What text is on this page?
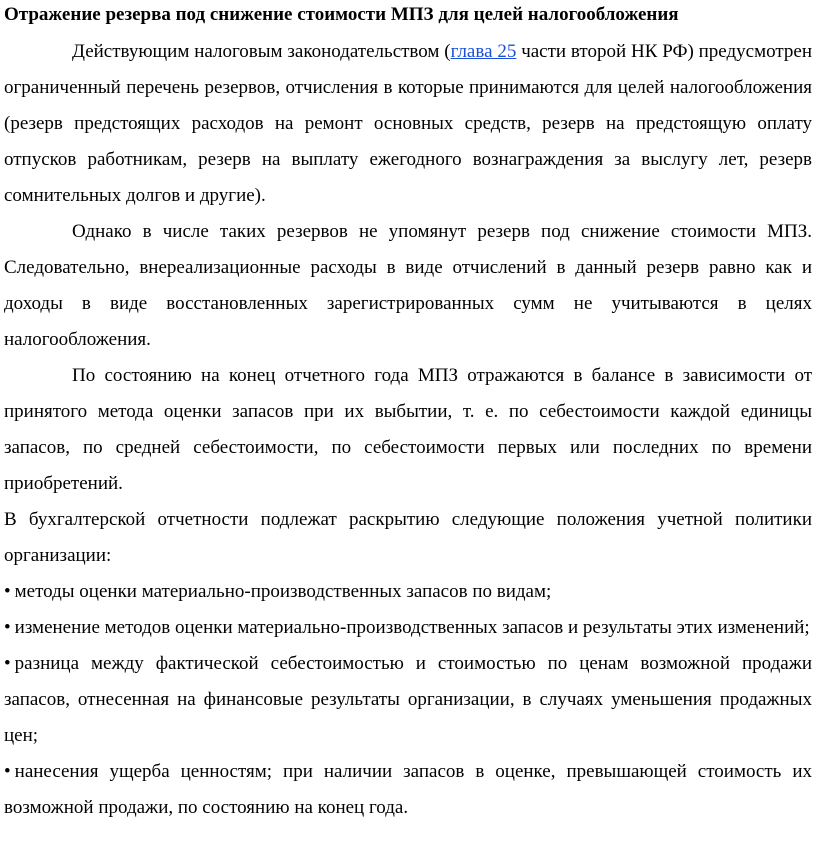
Отражение резерва под снижение стоимости МПЗ для целей налогообложения

Действующим налоговым законодательством (глава 25 части второй НК РФ) предусмотрен ограниченный перечень резервов, отчисления в которые принимаются для целей налогообложения (резерв предстоящих расходов на ремонт основных средств, резерв на предстоящую оплату отпусков работникам, резерв на выплату ежегодного вознаграждения за выслугу лет, резерв сомнительных долгов и другие).

Однако в числе таких резервов не упомянут резерв под снижение стоимости МПЗ. Следовательно, внереализационные расходы в виде отчислений в данный резерв равно как и доходы в виде восстановленных зарегистрированных сумм не учитываются в целях налогообложения.

По состоянию на конец отчетного года МПЗ отражаются в балансе в зависимости от принятого метода оценки запасов при их выбытии, т. е. по себестоимости каждой единицы запасов, по средней себестоимости, по себестоимости первых или последних по времени приобретений.

В бухгалтерской отчетности подлежат раскрытию следующие положения учетной политики организации:

• методы оценки материально-производственных запасов по видам;

• изменение методов оценки материально-производственных запасов и результаты этих изменений;

• разница между фактической себестоимостью и стоимостью по ценам возможной продажи запасов, отнесенная на финансовые результаты организации, в случаях уменьшения продажных цен;

• нанесения ущерба ценностям; при наличии запасов в оценке, превышающей стоимость их возможной продажи, по состоянию на конец года.
